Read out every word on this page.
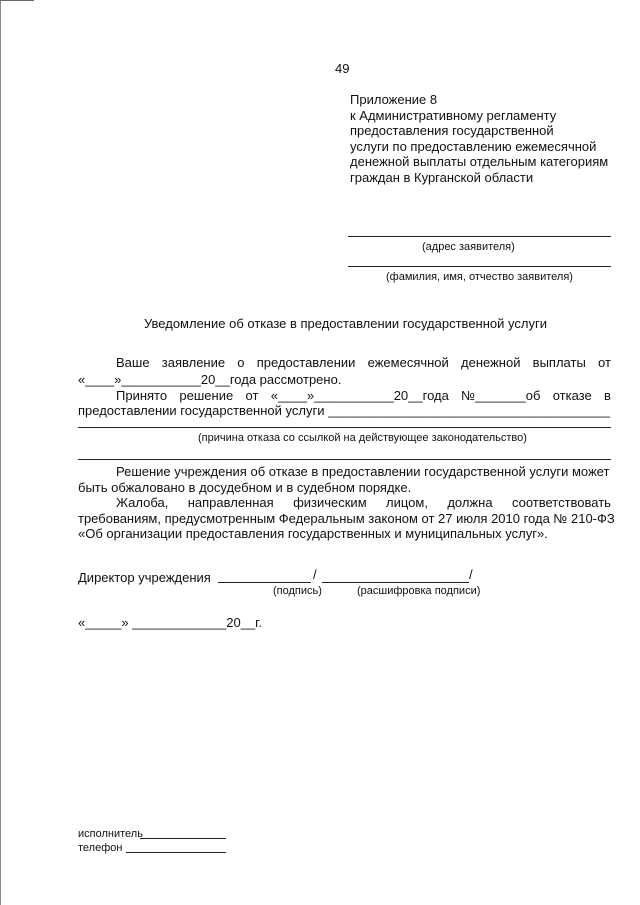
49
Приложение 8
к Административному регламенту
предоставления государственной
услуги по предоставлению ежемесячной
денежной выплаты отдельным категориям
граждан в Курганской области
(адрес заявителя)
(фамилия, имя, отчество заявителя)
Уведомление об отказе в предоставлении государственной услуги
Ваше заявление о предоставлении ежемесячной денежной выплаты от
«____»___________20__года рассмотрено.
Принято решение от «____»___________20__года №_______об отказе в
предоставлении государственной услуги _______________________________________
(причина отказа со ссылкой на действующее законодательство)
Решение учреждения об отказе в предоставлении государственной услуги может
быть обжаловано в досудебном и в судебном порядке.
Жалоба, направленная физическим лицом, должна соответствовать
требованиям, предусмотренным Федеральным законом от 27 июля 2010 года № 210-ФЗ
«Об организации предоставления государственных и муниципальных услуг».
Директор учреждения	/	/
(подпись)	(расшифровка подписи)
«_____» _____________20__г.
исполнитель
телефон
